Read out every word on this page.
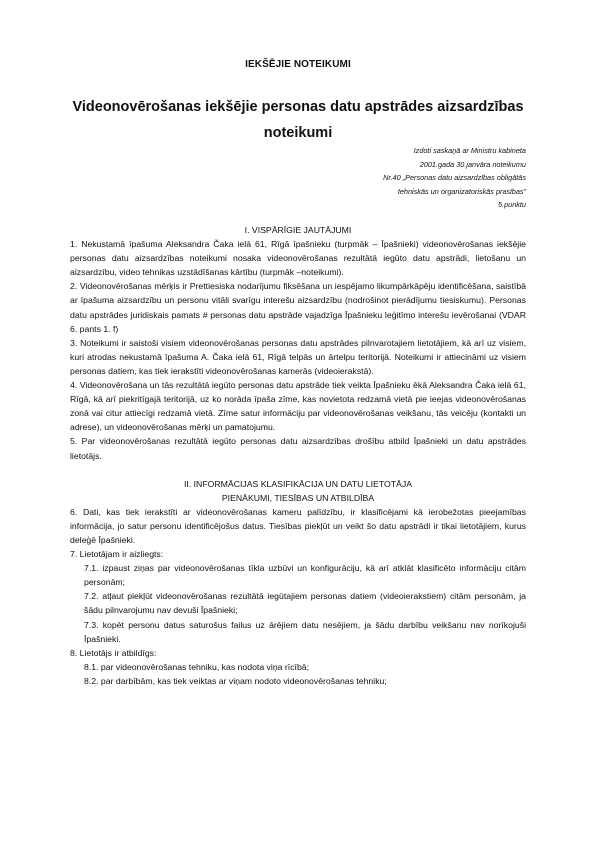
IEKŠĒJIE NOTEIKUMI
Videonovērošanas iekšējie personas datu apstrādes aizsardzības
noteikumi
Izdoti saskaņā ar Ministru kabineta
2001.gada 30.janvāra noteikumu
Nr.40 „Personas datu aizsardzības obligātās
tehniskās un organizatoriskās prasības”
5.punktu
I. VISPĀRĪGIE JAUTĀJUMI

1. Nekustamā īpašuma Aleksandra Čaka ielā 61, Rīgā īpašnieku (turpmāk – Īpašnieki) videonovērošanas iekšējie personas datu aizsardzības noteikumi nosaka videonovērošanas rezultātā iegūto datu apstrādi, lietošanu un aizsardzību, video tehnikas uzstādīšanas kārtību (turpmāk –noteikumi).

2. Videonovērošanas mērķis ir Prettiesiska nodarījumu fiksēšana un iespējamo likumpārkāpēju identificēšana, saistībā ar īpašuma aizsardzību un personu vitāli svarīgu interešu aizsardzību (nodrošinot pierādījumu tiesiskumu). Personas datu apstrādes juridiskais pamats # personas datu apstrāde vajadzīga Īpašnieku leģitīmo interešu ievērošanai (VDAR 6. pants 1. f)

3. Noteikumi ir saistoši visiem videonovērošanas personas datu apstrādes pilnvarotajiem lietotājiem, kā arī uz visiem, kuri atrodas nekustamā īpašuma A. Čaka ielā 61, Rīgā telpās un ārtelpu teritorijā. Noteikumi ir attiecināmi uz visiem personas datiem, kas tiek ierakstīti videonovērošanas kamerās (videoierakstā).

4. Videonovērošana un tās rezultātā iegūto personas datu apstrāde tiek veikta Īpašnieku ēkā Aleksandra Čaka ielā 61, Rīgā, kā arī piekritīgajā teritorijā, uz ko norāda īpaša zīme, kas novietota redzamā vietā pie ieejas videonovērošanas zonā vai citur attiecīgi redzamā vietā. Zīme satur informāciju par videonovērošanas veikšanu, tās veicēju (kontakti un adrese), un videonovērošanas mērķi un pamatojumu.

5. Par videonovērošanas rezultātā iegūto personas datu aizsardzības drošību atbild Īpašnieki un datu apstrādes lietotājs.

II. INFORMĀCIJAS KLASIFIKĀCIJA UN DATU LIETOTĀJA
PIENĀKUMI, TIESĪBAS UN ATBILDĪBA

6. Dati, kas tiek ierakstīti ar videonovērošanas kameru palīdzību, ir klasificējami kā ierobežotas pieejamības informācija, jo satur personu identificējošus datus. Tiesības piekļūt un veikt šo datu apstrādi ir tikai lietotājiem, kurus deleģē Īpašnieki.

7. Lietotājam ir aizliegts:

7.1. izpaust ziņas par videonovērošanas tīkla uzbūvi un konfigurāciju, kā arī atklāt klasificēto informāciju citām personām;

7.2. atļaut piekļūt videonovērošanas rezultātā iegūtajiem personas datiem (videoierakstiem) citām personām, ja šādu pilnvarojumu nav devuši Īpašnieki;

7.3. kopēt personu datus saturošus failus uz ārējiem datu nesējiem, ja šādu darbību veikšanu nav norīkojuši Īpašnieki.

8. Lietotājs ir atbildīgs:

8.1. par videonovērošanas tehniku, kas nodota viņa rīcībā;

8.2. par darbībām, kas tiek veiktas ar viņam nodoto videonovērošanas tehniku;
